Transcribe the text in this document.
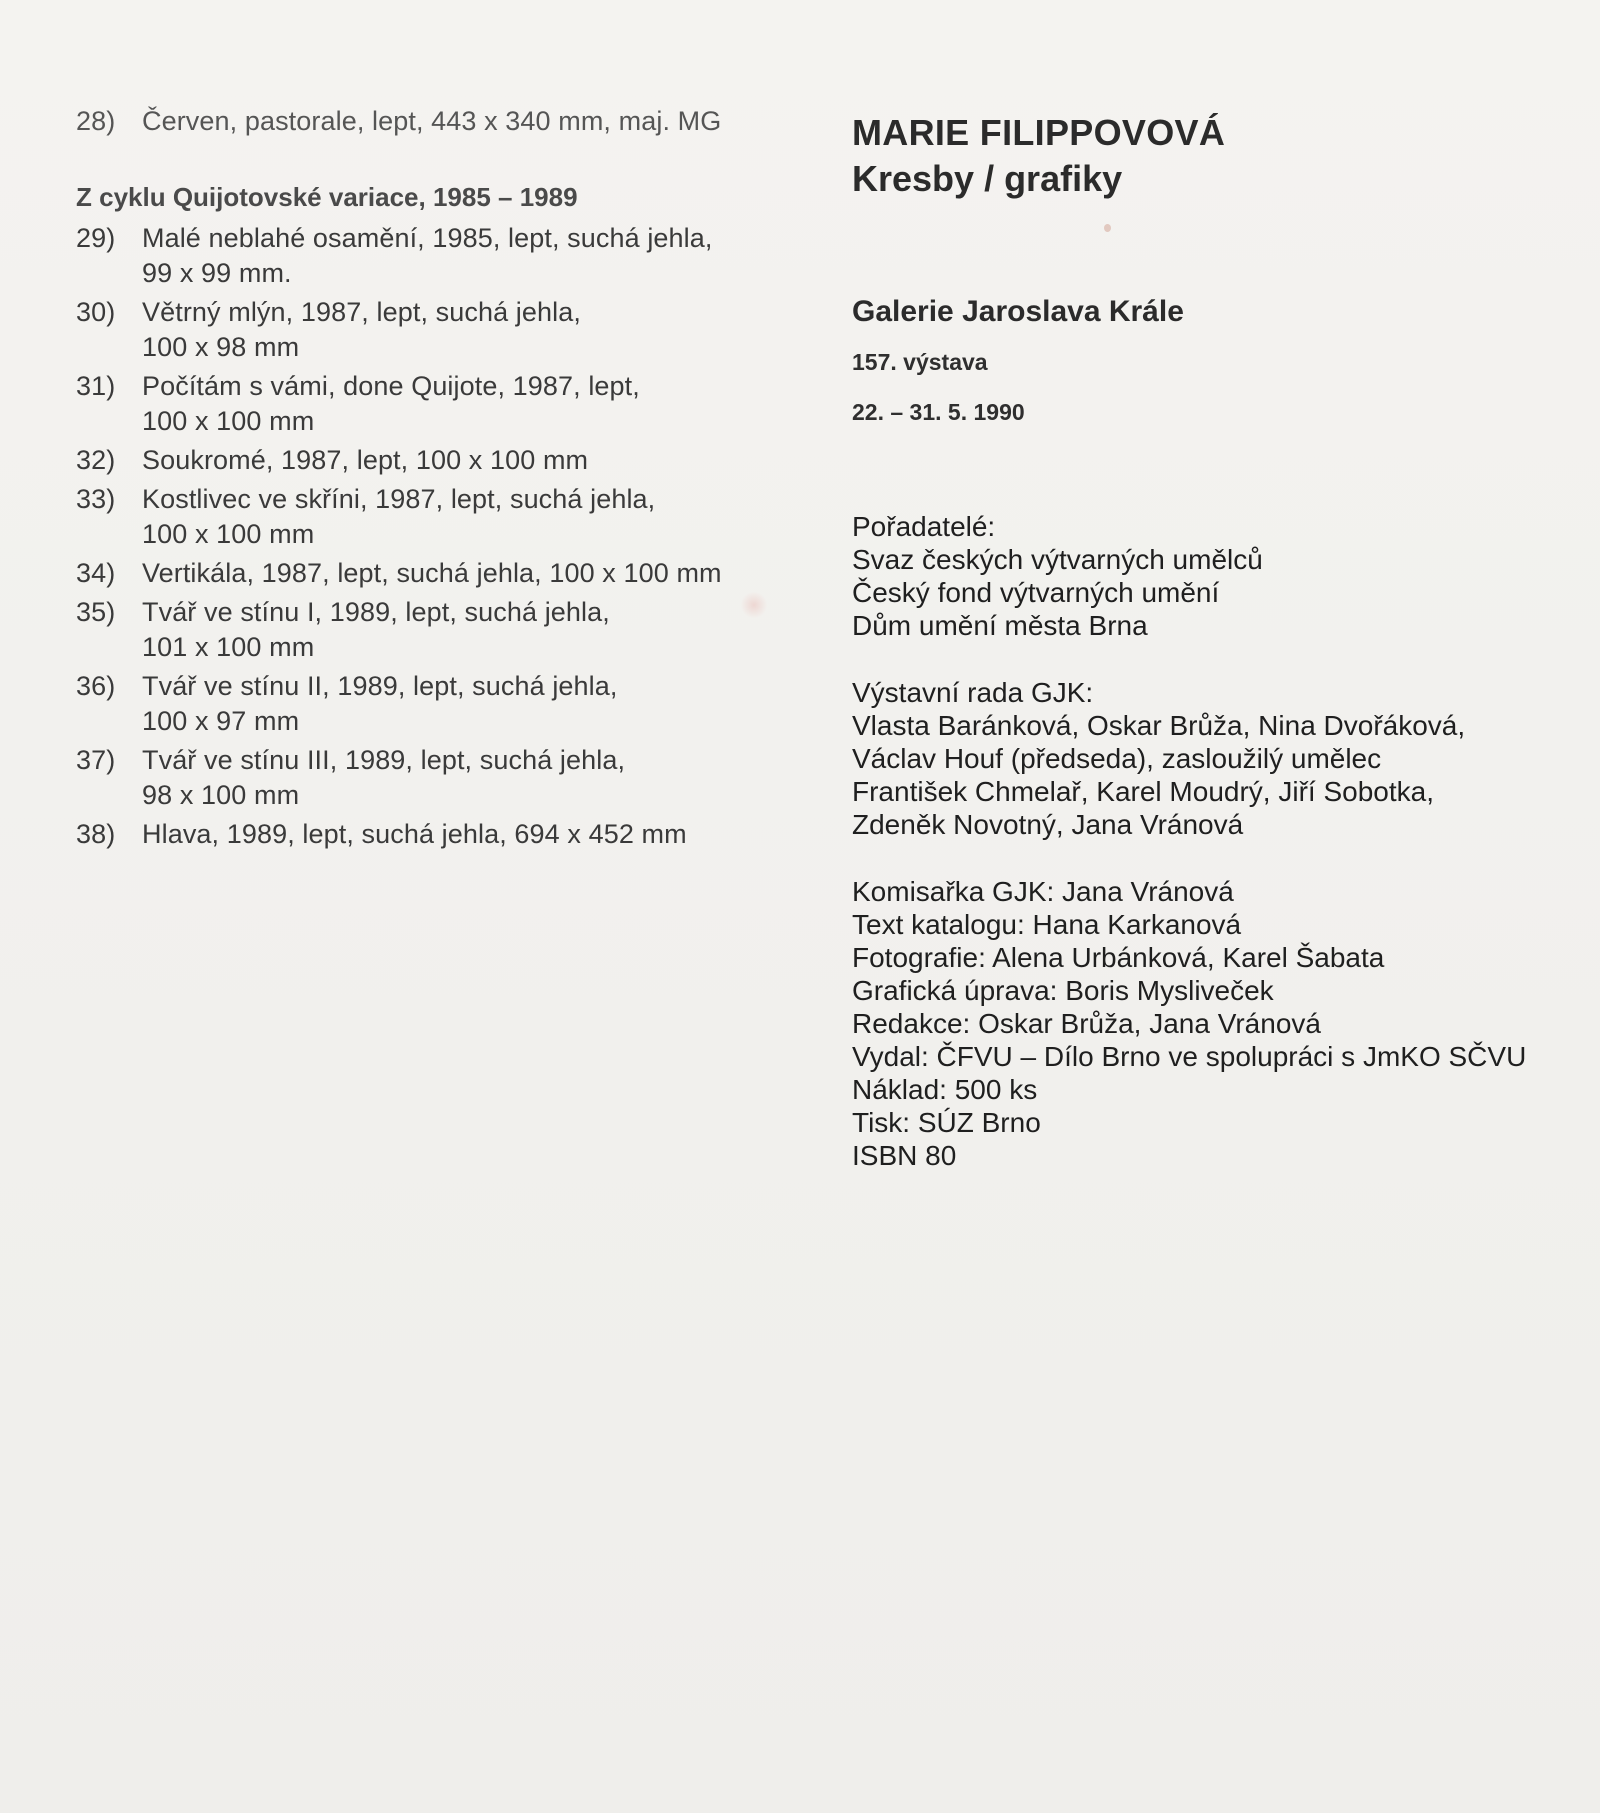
28) Červen, pastorale, lept, 443 x 340 mm, maj. MG
Z cyklu Quijotovské variace, 1985 – 1989
29) Malé neblahé osamění, 1985, lept, suchá jehla,
99 x 99 mm.
30) Větrný mlýn, 1987, lept, suchá jehla,
100 x 98 mm
31) Počítám s vámi, done Quijote, 1987, lept,
100 x 100 mm
32) Soukromé, 1987, lept, 100 x 100 mm
33) Kostlivec ve skříni, 1987, lept, suchá jehla,
100 x 100 mm
34) Vertikála, 1987, lept, suchá jehla, 100 x 100 mm
35) Tvář ve stínu I, 1989, lept, suchá jehla,
101 x 100 mm
36) Tvář ve stínu II, 1989, lept, suchá jehla,
100 x 97 mm
37) Tvář ve stínu III, 1989, lept, suchá jehla,
98 x 100 mm
38) Hlava, 1989, lept, suchá jehla, 694 x 452 mm
MARIE FILIPPOVOVÁ
Kresby / grafiky
Galerie Jaroslava Krále
157. výstava
22. – 31. 5. 1990
Pořadatelé:
Svaz českých výtvarných umělců
Český fond výtvarných umění
Dům umění města Brna
Výstavní rada GJK:
Vlasta Baránková, Oskar Brůža, Nina Dvořáková,
Václav Houf (předseda), zasloužilý umělec
František Chmelař, Karel Moudrý, Jiří Sobotka,
Zdeněk Novotný, Jana Vránová
Komisařka GJK: Jana Vránová
Text katalogu: Hana Karkanová
Fotografie: Alena Urbánková, Karel Šabata
Grafická úprava: Boris Mysliveček
Redakce: Oskar Brůža, Jana Vránová
Vydal: ČFVU – Dílo Brno ve spolupráci s JmKO SČVU
Náklad: 500 ks
Tisk: SÚZ Brno
ISBN 80
